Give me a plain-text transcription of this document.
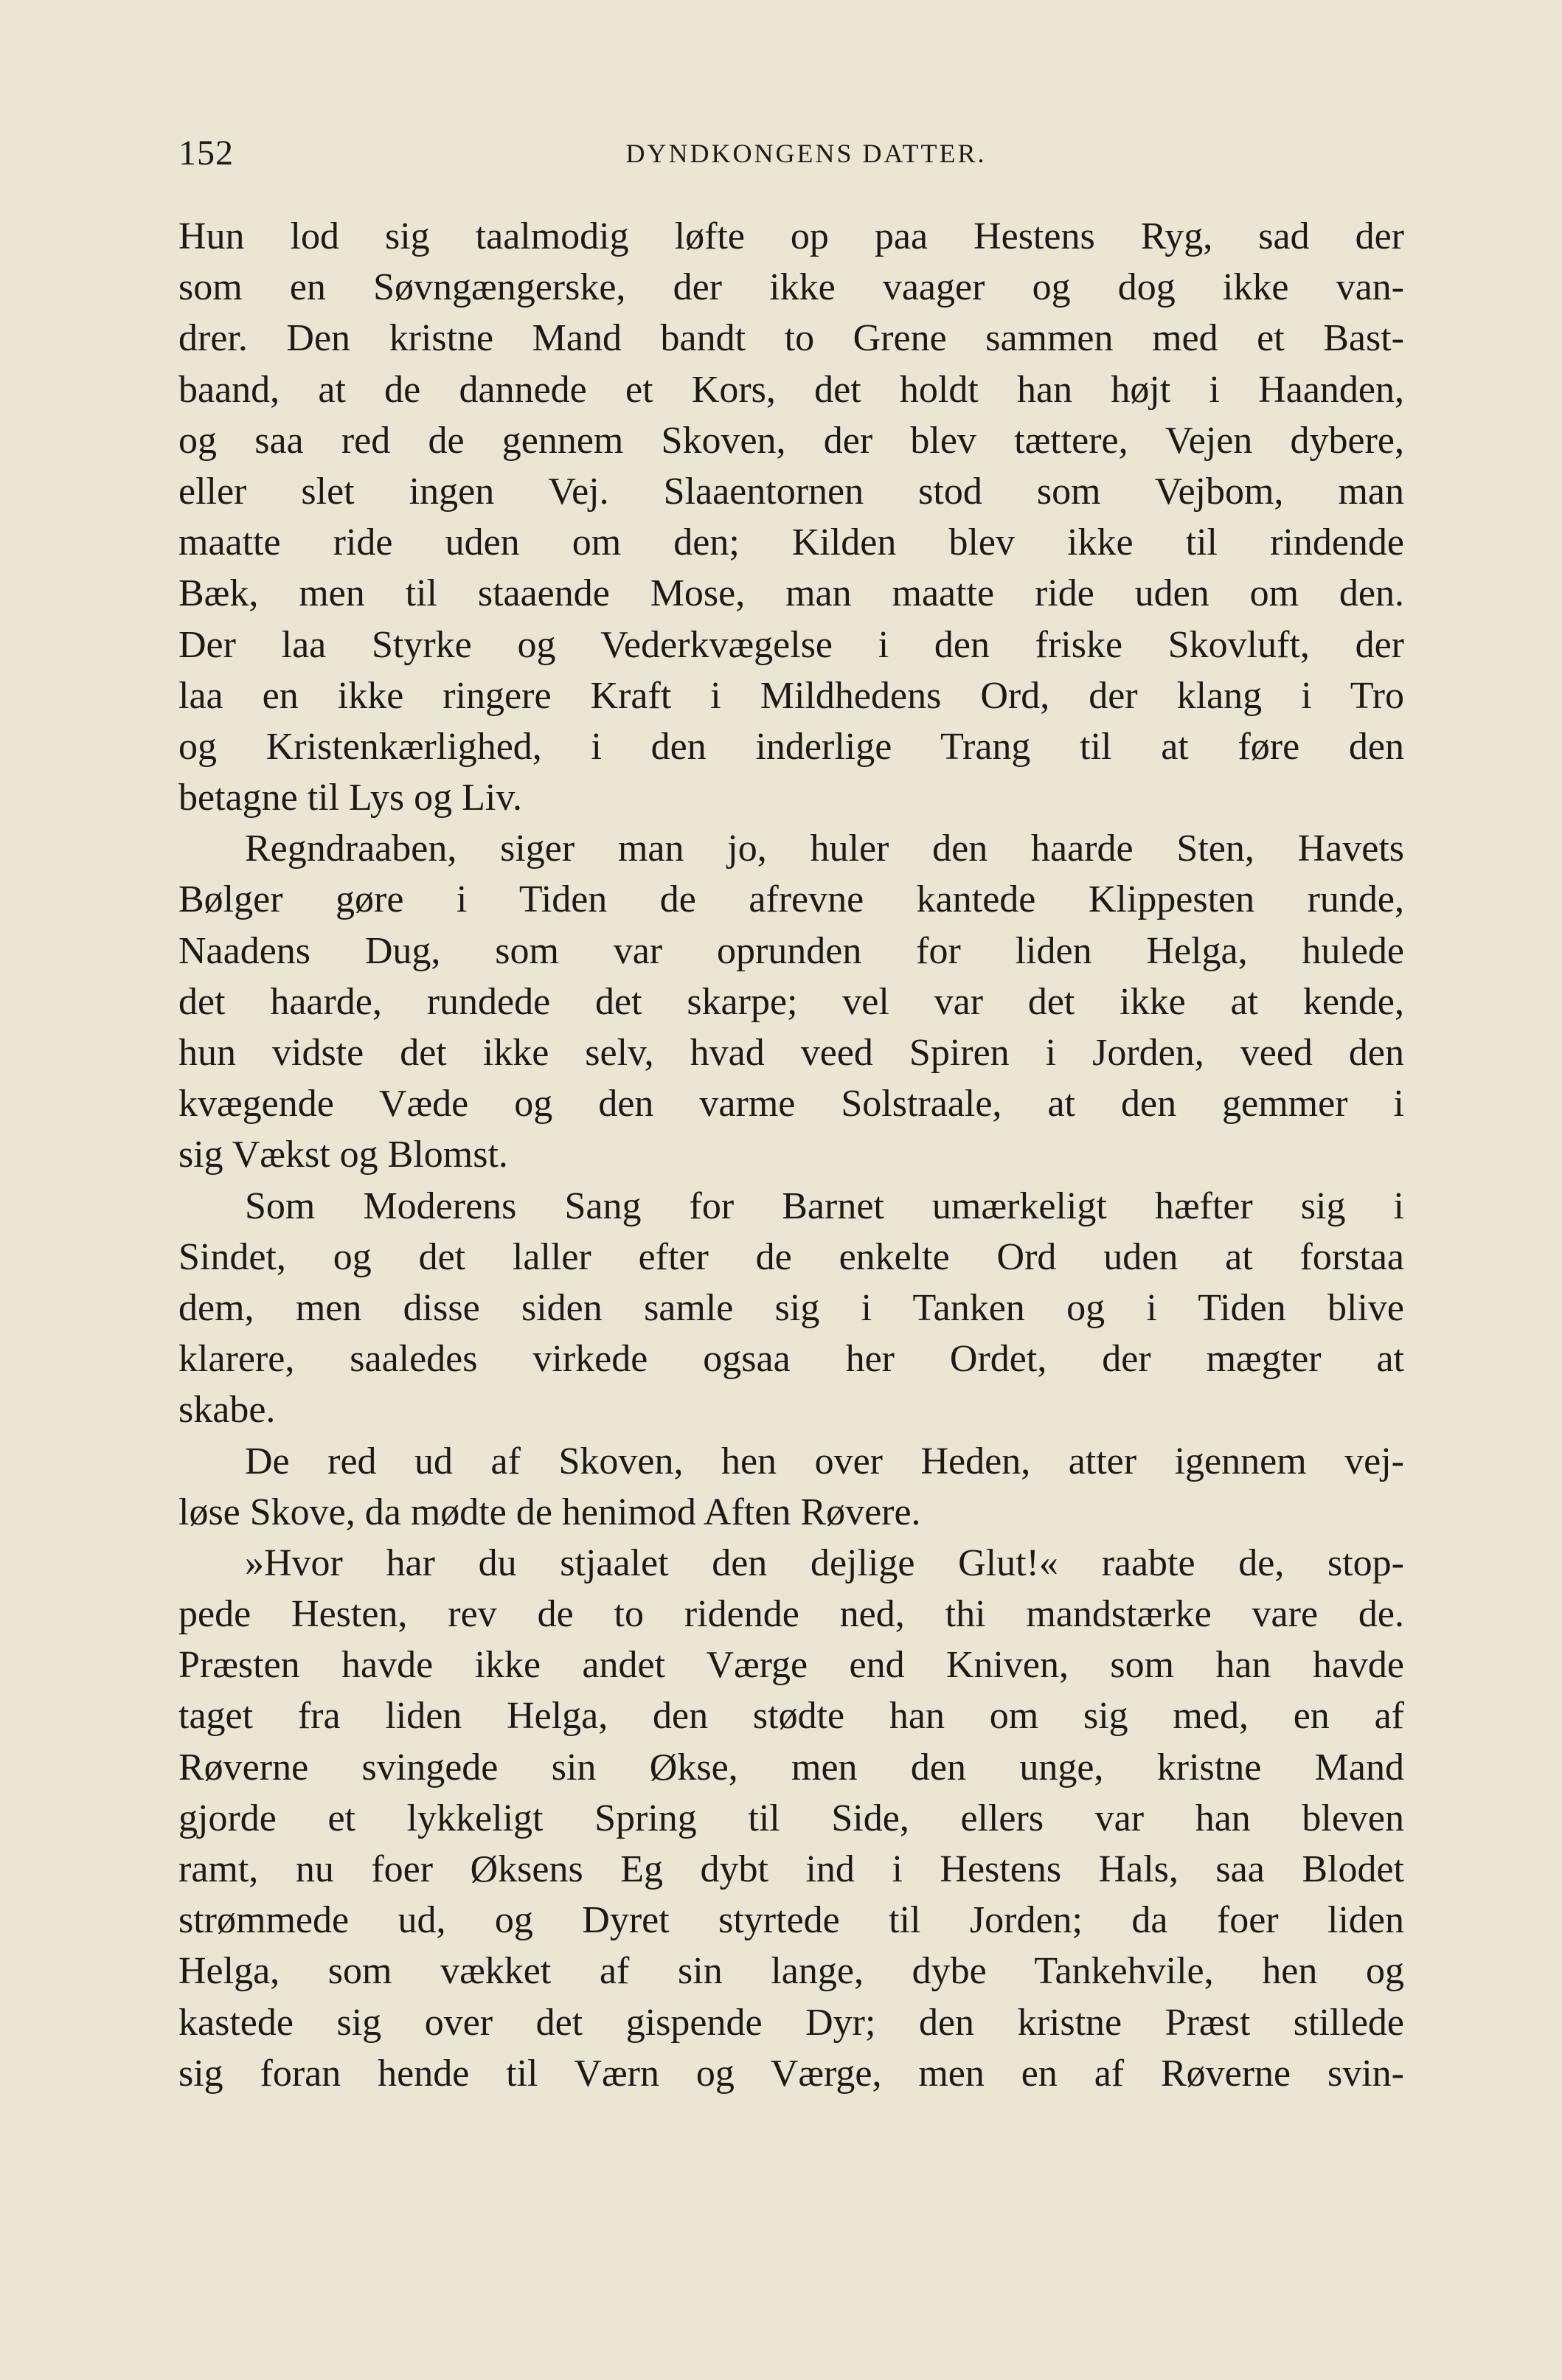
152	DYNDKONGENS DATTER.
Hun lod sig taalmodig løfte op paa Hestens Ryg, sad der
som en Søvngængerske, der ikke vaager og dog ikke van-
drer. Den kristne Mand bandt to Grene sammen med et Bast-
baand, at de dannede et Kors, det holdt han højt i Haanden,
og saa red de gennem Skoven, der blev tættere, Vejen dybere,
eller slet ingen Vej. Slaaentornen stod som Vejbom, man
maatte ride uden om den; Kilden blev ikke til rindende
Bæk, men til staaende Mose, man maatte ride uden om den.
Der laa Styrke og Vederkvægelse i den friske Skovluft, der
laa en ikke ringere Kraft i Mildhedens Ord, der klang i Tro
og Kristenkærlighed, i den inderlige Trang til at føre den
betagne til Lys og Liv.
Regndraaben, siger man jo, huler den haarde Sten, Havets
Bølger gøre i Tiden de afrevne kantede Klippesten runde,
Naadens Dug, som var oprunden for liden Helga, hulede
det haarde, rundede det skarpe; vel var det ikke at kende,
hun vidste det ikke selv, hvad veed Spiren i Jorden, veed den
kvægende Væde og den varme Solstraale, at den gemmer i
sig Vækst og Blomst.
Som Moderens Sang for Barnet umærkeligt hæfter sig i
Sindet, og det laller efter de enkelte Ord uden at forstaa
dem, men disse siden samle sig i Tanken og i Tiden blive
klarere, saaledes virkede ogsaa her Ordet, der mægter at
skabe.
De red ud af Skoven, hen over Heden, atter igennem vej-
løse Skove, da mødte de henimod Aften Røvere.
»Hvor har du stjaalet den dejlige Glut!« raabte de, stop-
pede Hesten, rev de to ridende ned, thi mandstærke vare de.
Præsten havde ikke andet Værge end Kniven, som han havde
taget fra liden Helga, den stødte han om sig med, en af
Røverne svingede sin Økse, men den unge, kristne Mand
gjorde et lykkeligt Spring til Side, ellers var han bleven
ramt, nu foer Øksens Eg dybt ind i Hestens Hals, saa Blodet
strømmede ud, og Dyret styrtede til Jorden; da foer liden
Helga, som vækket af sin lange, dybe Tankehvile, hen og
kastede sig over det gispende Dyr; den kristne Præst stillede
sig foran hende til Værn og Værge, men en af Røverne svin-
